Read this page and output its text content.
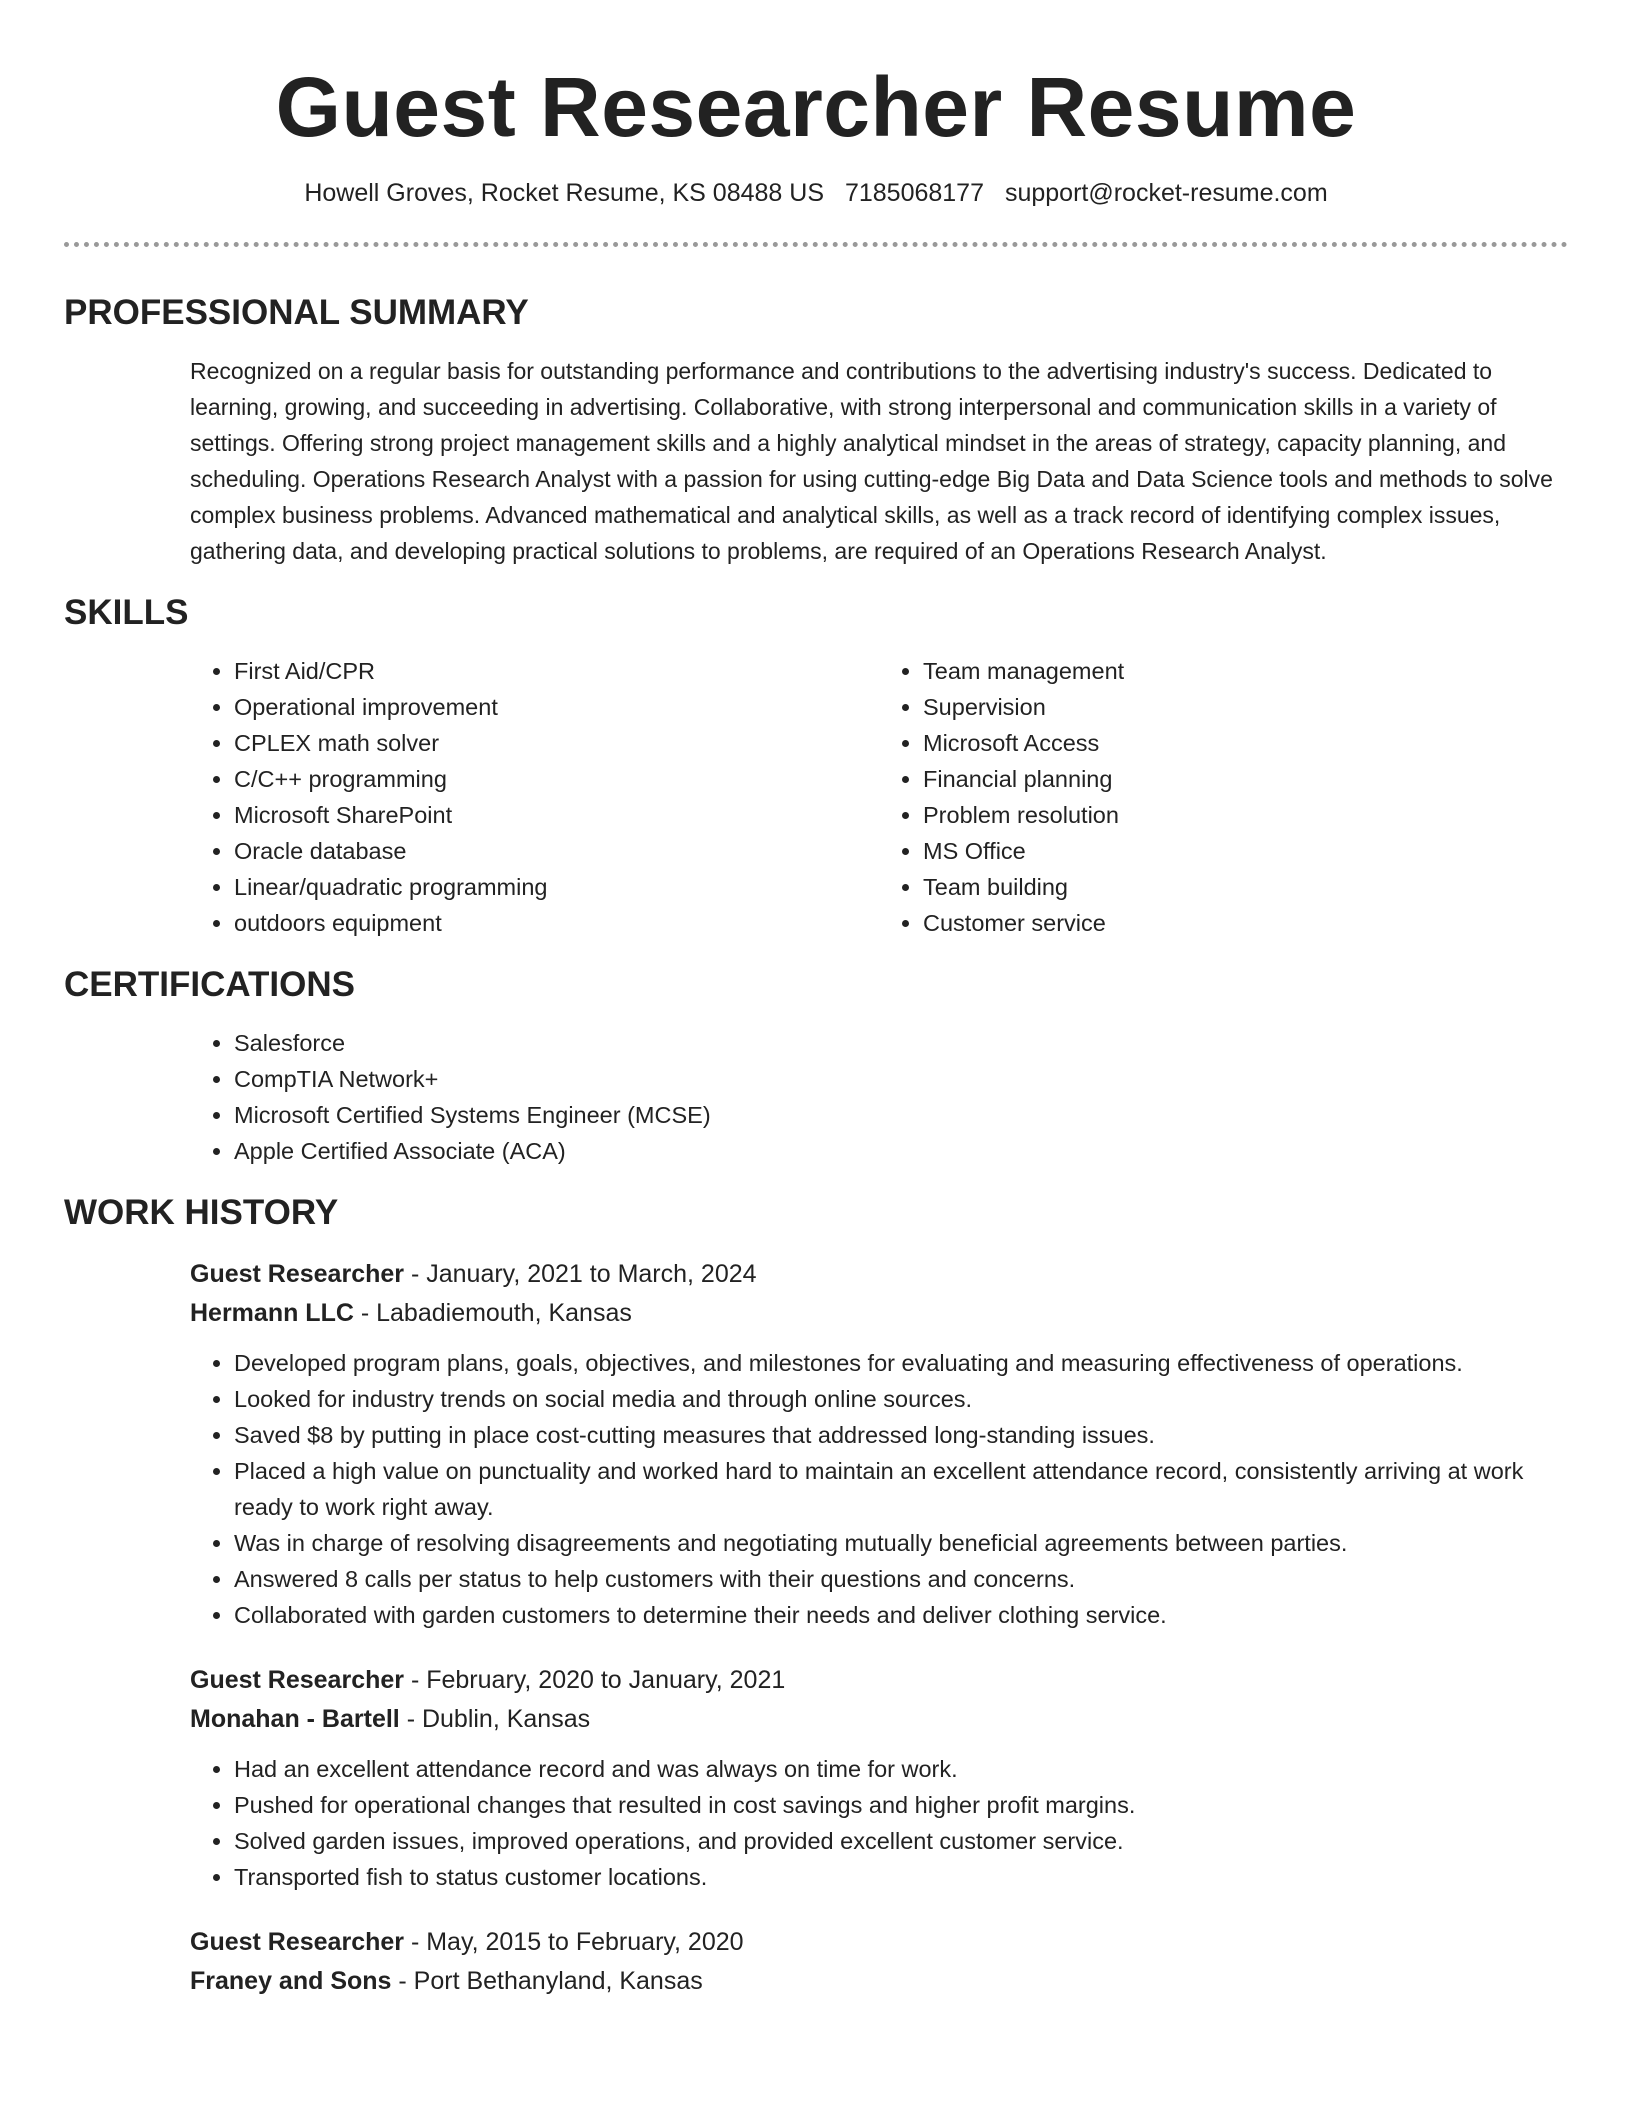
Guest Researcher Resume
Howell Groves, Rocket Resume, KS 08488 US 7185068177 support@rocket-resume.com
PROFESSIONAL SUMMARY

Recognized on a regular basis for outstanding performance and contributions to the advertising industry's success. Dedicated to learning, growing, and succeeding in advertising. Collaborative, with strong interpersonal and communication skills in a variety of settings. Offering strong project management skills and a highly analytical mindset in the areas of strategy, capacity planning, and scheduling. Operations Research Analyst with a passion for using cutting-edge Big Data and Data Science tools and methods to solve complex business problems. Advanced mathematical and analytical skills, as well as a track record of identifying complex issues, gathering data, and developing practical solutions to problems, are required of an Operations Research Analyst.

SKILLS
• First Aid/CPR
• Operational improvement
• CPLEX math solver
• C/C++ programming
• Microsoft SharePoint
• Oracle database
• Linear/quadratic programming
• outdoors equipment
• Team management
• Supervision
• Microsoft Access
• Financial planning
• Problem resolution
• MS Office
• Team building
• Customer service
CERTIFICATIONS
• Salesforce
• CompTIA Network+
• Microsoft Certified Systems Engineer (MCSE)
• Apple Certified Associate (ACA)
WORK HISTORY
Guest Researcher - January, 2021 to March, 2024
Hermann LLC - Labadiemouth, Kansas
• Developed program plans, goals, objectives, and milestones for evaluating and measuring effectiveness of operations.
• Looked for industry trends on social media and through online sources.
• Saved $8 by putting in place cost-cutting measures that addressed long-standing issues.
• Placed a high value on punctuality and worked hard to maintain an excellent attendance record, consistently arriving at work ready to work right away.
• Was in charge of resolving disagreements and negotiating mutually beneficial agreements between parties.
• Answered 8 calls per status to help customers with their questions and concerns.
• Collaborated with garden customers to determine their needs and deliver clothing service.
Guest Researcher - February, 2020 to January, 2021
Monahan - Bartell - Dublin, Kansas
• Had an excellent attendance record and was always on time for work.
• Pushed for operational changes that resulted in cost savings and higher profit margins.
• Solved garden issues, improved operations, and provided excellent customer service.
• Transported fish to status customer locations.
Guest Researcher - May, 2015 to February, 2020
Franey and Sons - Port Bethanyland, Kansas
